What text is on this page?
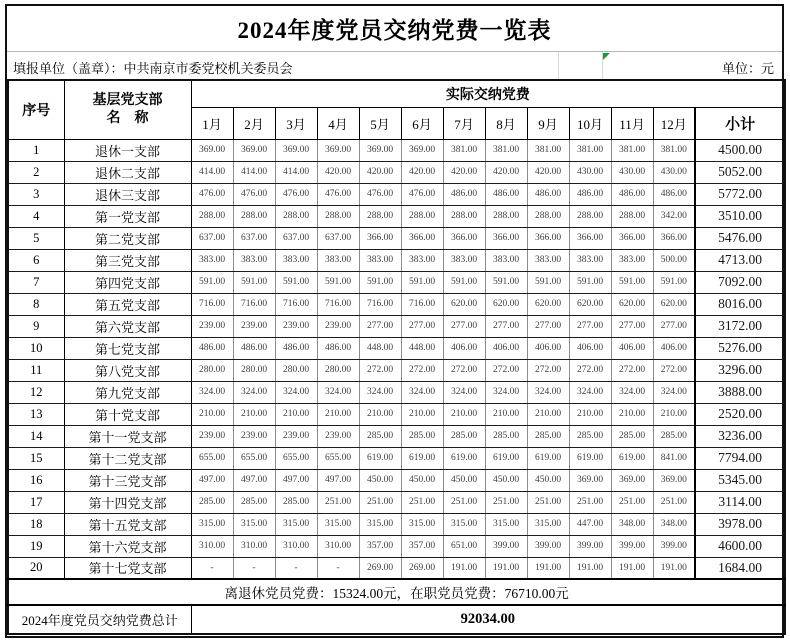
2024年度党员交纳党费一览表
填报单位（盖章）：中共南京市委党校机关委员会	单位：元
序号	基层党支部
名　称	实际交纳党费												
		1月	2月	3月	4月	5月	6月	7月	8月	9月	10月	11月	12月	小计
1	退休一支部	369.00	369.00	369.00	369.00	369.00	369.00	381.00	381.00	381.00	381.00	381.00	381.00	4500.00
2	退休二支部	414.00	414.00	414.00	420.00	420.00	420.00	420.00	420.00	420.00	430.00	430.00	430.00	5052.00
3	退休三支部	476.00	476.00	476.00	476.00	476.00	476.00	486.00	486.00	486.00	486.00	486.00	486.00	5772.00
4	第一党支部	288.00	288.00	288.00	288.00	288.00	288.00	288.00	288.00	288.00	288.00	288.00	342.00	3510.00
5	第二党支部	637.00	637.00	637.00	637.00	366.00	366.00	366.00	366.00	366.00	366.00	366.00	366.00	5476.00
6	第三党支部	383.00	383.00	383.00	383.00	383.00	383.00	383.00	383.00	383.00	383.00	383.00	500.00	4713.00
7	第四党支部	591.00	591.00	591.00	591.00	591.00	591.00	591.00	591.00	591.00	591.00	591.00	591.00	7092.00
8	第五党支部	716.00	716.00	716.00	716.00	716.00	716.00	620.00	620.00	620.00	620.00	620.00	620.00	8016.00
9	第六党支部	239.00	239.00	239.00	239.00	277.00	277.00	277.00	277.00	277.00	277.00	277.00	277.00	3172.00
10	第七党支部	486.00	486.00	486.00	486.00	448.00	448.00	406.00	406.00	406.00	406.00	406.00	406.00	5276.00
11	第八党支部	280.00	280.00	280.00	280.00	272.00	272.00	272.00	272.00	272.00	272.00	272.00	272.00	3296.00
12	第九党支部	324.00	324.00	324.00	324.00	324.00	324.00	324.00	324.00	324.00	324.00	324.00	324.00	3888.00
13	第十党支部	210.00	210.00	210.00	210.00	210.00	210.00	210.00	210.00	210.00	210.00	210.00	210.00	2520.00
14	第十一党支部	239.00	239.00	239.00	239.00	285.00	285.00	285.00	285.00	285.00	285.00	285.00	285.00	3236.00
15	第十二党支部	655.00	655.00	655.00	655.00	619.00	619.00	619.00	619.00	619.00	619.00	619.00	841.00	7794.00
16	第十三党支部	497.00	497.00	497.00	497.00	450.00	450.00	450.00	450.00	450.00	369.00	369.00	369.00	5345.00
17	第十四党支部	285.00	285.00	285.00	251.00	251.00	251.00	251.00	251.00	251.00	251.00	251.00	251.00	3114.00
18	第十五党支部	315.00	315.00	315.00	315.00	315.00	315.00	315.00	315.00	315.00	447.00	348.00	348.00	3978.00
19	第十六党支部	310.00	310.00	310.00	310.00	357.00	357.00	651.00	399.00	399.00	399.00	399.00	399.00	4600.00
20	第十七党支部	-	-	-	-	269.00	269.00	191.00	191.00	191.00	191.00	191.00	191.00	1684.00
离退休党员党费：15324.00元，在职党员党费：76710.00元														
2024年度党员交纳党费总计		92034.00												
